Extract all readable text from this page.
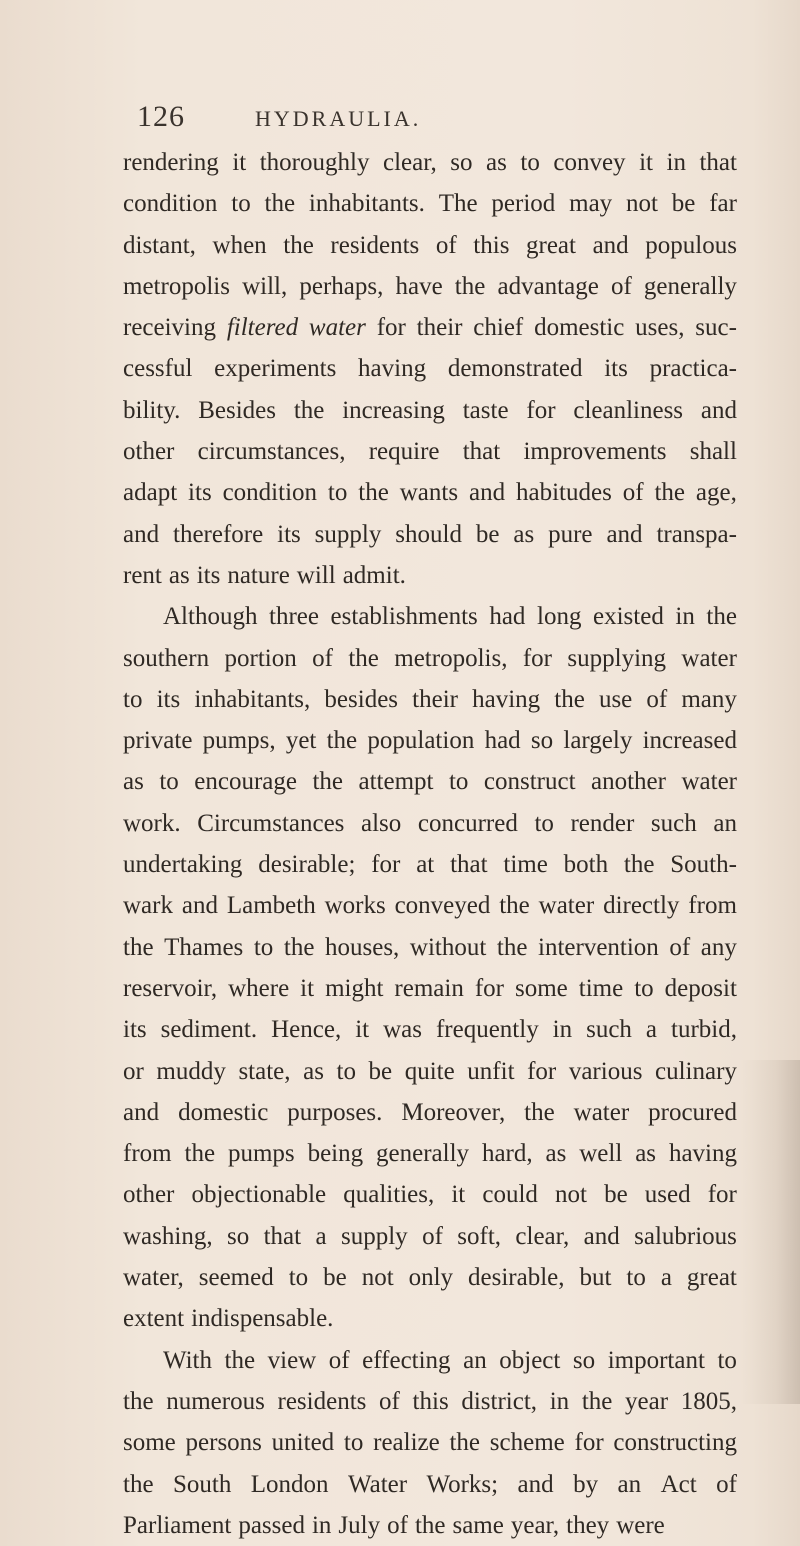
126	HYDRAULIA.
rendering it thoroughly clear, so as to convey it in that
condition to the inhabitants. The period may not be far
distant, when the residents of this great and populous
metropolis will, perhaps, have the advantage of generally
receiving filtered water for their chief domestic uses, suc-
cessful experiments having demonstrated its practica-
bility. Besides the increasing taste for cleanliness and
other circumstances, require that improvements shall
adapt its condition to the wants and habitudes of the age,
and therefore its supply should be as pure and transpa-
rent as its nature will admit.
Although three establishments had long existed in the
southern portion of the metropolis, for supplying water
to its inhabitants, besides their having the use of many
private pumps, yet the population had so largely increased
as to encourage the attempt to construct another water
work. Circumstances also concurred to render such an
undertaking desirable; for at that time both the South-
wark and Lambeth works conveyed the water directly from
the Thames to the houses, without the intervention of any
reservoir, where it might remain for some time to deposit
its sediment. Hence, it was frequently in such a turbid,
or muddy state, as to be quite unfit for various culinary
and domestic purposes. Moreover, the water procured
from the pumps being generally hard, as well as having
other objectionable qualities, it could not be used for
washing, so that a supply of soft, clear, and salubrious
water, seemed to be not only desirable, but to a great
extent indispensable.
With the view of effecting an object so important to
the numerous residents of this district, in the year 1805,
some persons united to realize the scheme for constructing
the South London Water Works; and by an Act of
Parliament passed in July of the same year, they were
